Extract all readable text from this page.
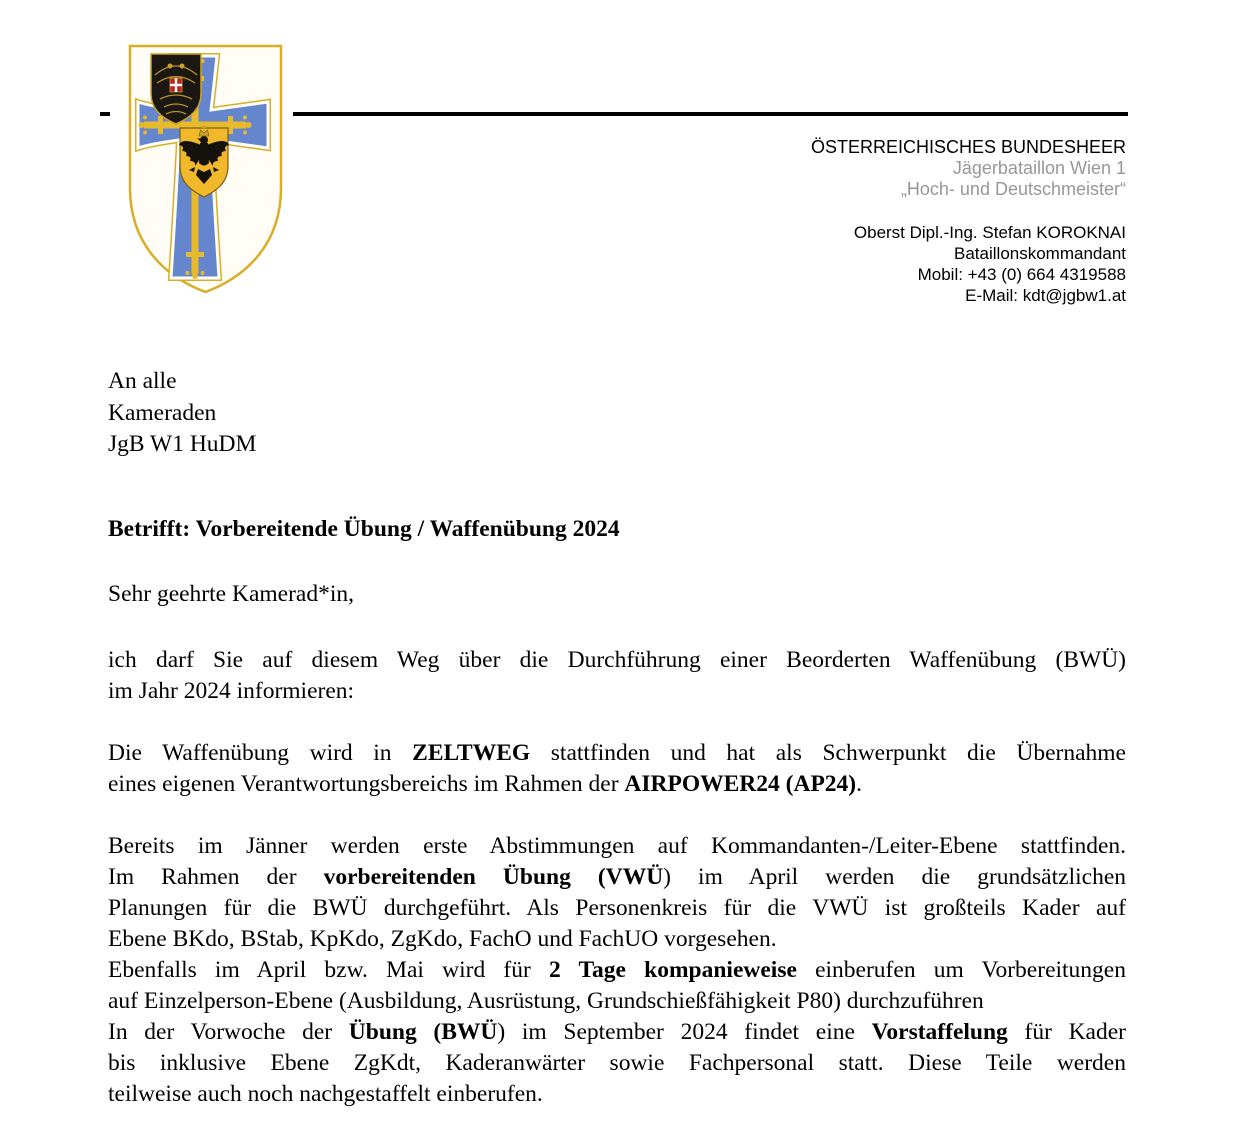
ÖSTERREICHISCHES BUNDESHEER
Jägerbataillon Wien 1
„Hoch- und Deutschmeister“
Oberst Dipl.-Ing. Stefan KOROKNAI
Bataillonskommandant
Mobil: +43 (0) 664 4319588
E-Mail: kdt@jgbw1.at
An alle
Kameraden
JgB W1 HuDM
Betrifft: Vorbereitende Übung / Waffenübung 2024
Sehr geehrte Kamerad*in,
ich darf Sie auf diesem Weg über die Durchführung einer Beorderten Waffenübung (BWÜ)
im Jahr 2024 informieren:
Die Waffenübung wird in ZELTWEG stattfinden und hat als Schwerpunkt die Übernahme
eines eigenen Verantwortungsbereichs im Rahmen der AIRPOWER24 (AP24).
Bereits im Jänner werden erste Abstimmungen auf Kommandanten-/Leiter-Ebene stattfinden.
Im Rahmen der vorbereitenden Übung (VWÜ) im April werden die grundsätzlichen
Planungen für die BWÜ durchgeführt. Als Personenkreis für die VWÜ ist großteils Kader auf
Ebene BKdo, BStab, KpKdo, ZgKdo, FachO und FachUO vorgesehen.
Ebenfalls im April bzw. Mai wird für 2 Tage kompanieweise einberufen um Vorbereitungen
auf Einzelperson-Ebene (Ausbildung, Ausrüstung, Grundschießfähigkeit P80) durchzuführen
In der Vorwoche der Übung (BWÜ) im September 2024 findet eine Vorstaffelung für Kader
bis inklusive Ebene ZgKdt, Kaderanwärter sowie Fachpersonal statt. Diese Teile werden
teilweise auch noch nachgestaffelt einberufen.
